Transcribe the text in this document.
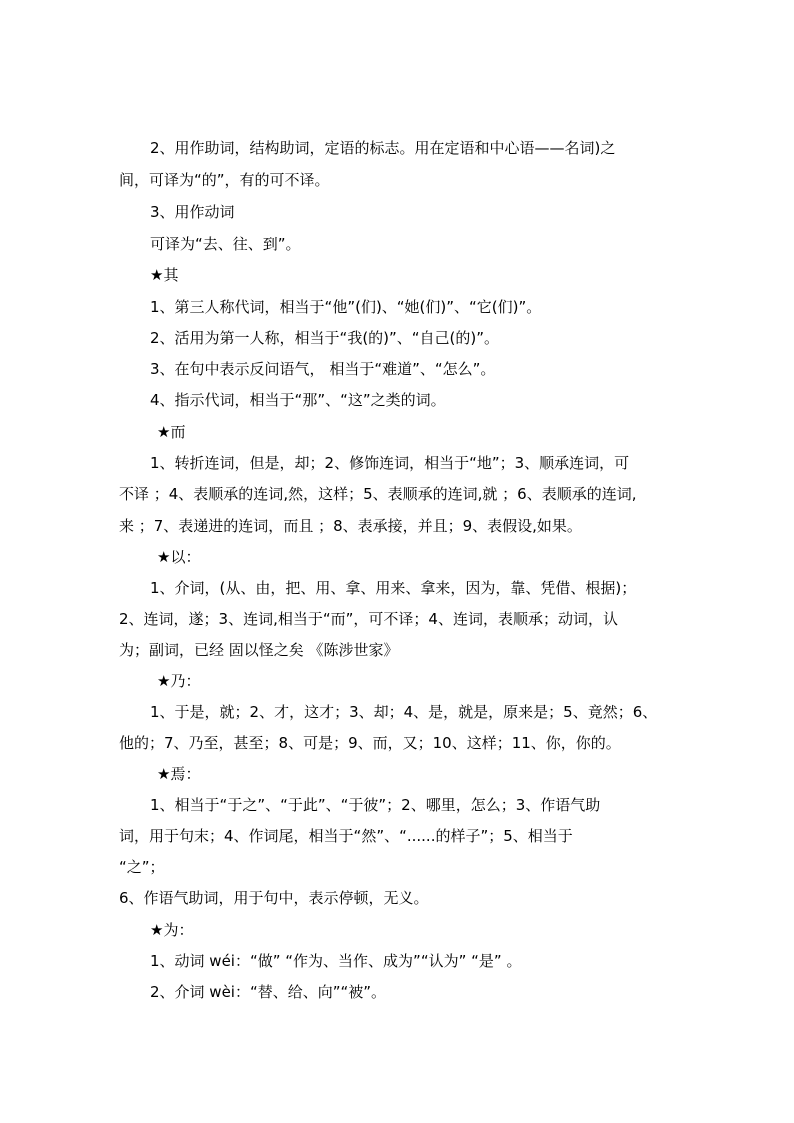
2、用作助词，结构助词，定语的标志。用在定语和中心语——名词)之
间，可译为“的”，有的可不译。
3、用作动词
可译为“去、往、到”。
★其
1、第三人称代词，相当于“他”(们)、“她(们)”、“它(们)”。
2、活用为第一人称，相当于“我(的)”、“自己(的)”。
3、在句中表示反问语气， 相当于“难道”、“怎么”。
4、指示代词，相当于“那”、“这”之类的词。
★而
1、转折连词，但是，却；2、修饰连词，相当于“地”；3、顺承连词，可
不译 ；4、表顺承的连词,然，这样；5、表顺承的连词,就 ；6、表顺承的连词,
来 ；7、表递进的连词，而且 ；8、表承接，并且；9、表假设,如果。
★以：
1、介词，(从、由，把、用、拿、用来、拿来，因为，靠、凭借、根据)；
2、连词，遂；3、连词,相当于“而”，可不译；4、连词，表顺承；动词，认
为；副词，已经 固以怪之矣 《陈涉世家》
★乃：
1、于是，就；2、才，这才；3、却；4、是，就是，原来是；5、竟然；6、
他的；7、乃至，甚至；8、可是；9、而，又；10、这样；11、你，你的。
★焉：
1、相当于“于之”、“于此”、“于彼”；2、哪里，怎么；3、作语气助
词，用于句末；4、作词尾，相当于“然”、“......的样子”；5、相当于
“之”；
6、作语气助词，用于句中，表示停顿，无义。
★为：
1、动词 wéi：“做” “作为、当作、成为”“认为” “是” 。
2、介词 wèi：“替、给、向”“被”。
